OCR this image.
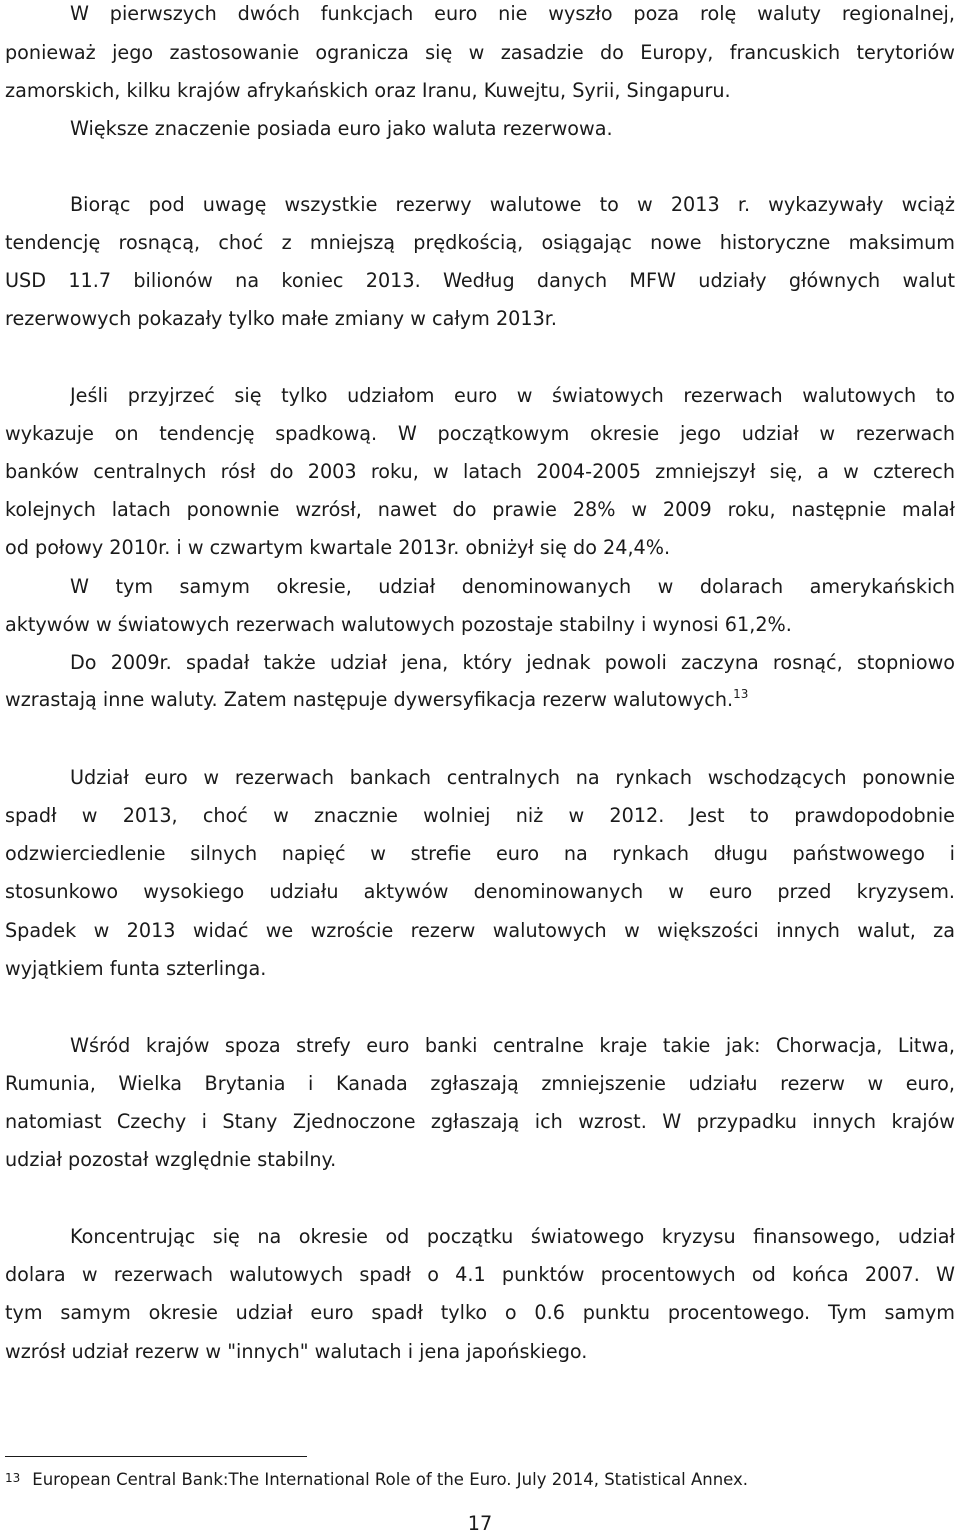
W pierwszych dwóch funkcjach euro nie wyszło poza rolę waluty regionalnej,
ponieważ jego zastosowanie ogranicza się w zasadzie do Europy, francuskich terytoriów
zamorskich, kilku krajów afrykańskich oraz Iranu, Kuwejtu, Syrii, Singapuru.
Większe znaczenie posiada euro jako waluta rezerwowa.
Biorąc pod uwagę wszystkie rezerwy walutowe to w 2013 r. wykazywały wciąż
tendencję rosnącą, choć z mniejszą prędkością, osiągając nowe historyczne maksimum
USD 11.7 bilionów na koniec 2013. Według danych MFW udziały głównych walut
rezerwowych pokazały tylko małe zmiany w całym 2013r.
Jeśli przyjrzeć się tylko udziałom euro w światowych rezerwach walutowych to
wykazuje on tendencję spadkową. W początkowym okresie jego udział w rezerwach
banków centralnych rósł do 2003 roku, w latach 2004-2005 zmniejszył się, a w czterech
kolejnych latach ponownie wzrósł, nawet do prawie 28% w 2009 roku, następnie malał
od połowy 2010r. i w czwartym kwartale 2013r. obniżył się do 24,4%.
W tym samym okresie, udział denominowanych w dolarach amerykańskich
aktywów w światowych rezerwach walutowych pozostaje stabilny i wynosi 61,2%.
Do 2009r. spadał także udział jena, który jednak powoli zaczyna rosnąć, stopniowo
wzrastają inne waluty. Zatem następuje dywersyfikacja rezerw walutowych.$^{13}$
Udział euro w rezerwach bankach centralnych na rynkach wschodzących ponownie
spadł w 2013, choć w znacznie wolniej niż w 2012. Jest to prawdopodobnie
odzwierciedlenie silnych napięć w strefie euro na rynkach długu państwowego i
stosunkowo wysokiego udziału aktywów denominowanych w euro przed kryzysem.
Spadek w 2013 widać we wzroście rezerw walutowych w większości innych walut, za
wyjątkiem funta szterlinga.
Wśród krajów spoza strefy euro banki centralne kraje takie jak: Chorwacja, Litwa,
Rumunia, Wielka Brytania i Kanada zgłaszają zmniejszenie udziału rezerw w euro,
natomiast Czechy i Stany Zjednoczone zgłaszają ich wzrost. W przypadku innych krajów
udział pozostał względnie stabilny.
Koncentrując się na okresie od początku światowego kryzysu finansowego, udział
dolara w rezerwach walutowych spadł o 4.1 punktów procentowych od końca 2007. W
tym samym okresie udział euro spadł tylko o 0.6 punktu procentowego. Tym samym
wzrósł udział rezerw w "innych" walutach i jena japońskiego.
$^{13}$ European Central Bank:The International Role of the Euro. July 2014, Statistical Annex.
17
